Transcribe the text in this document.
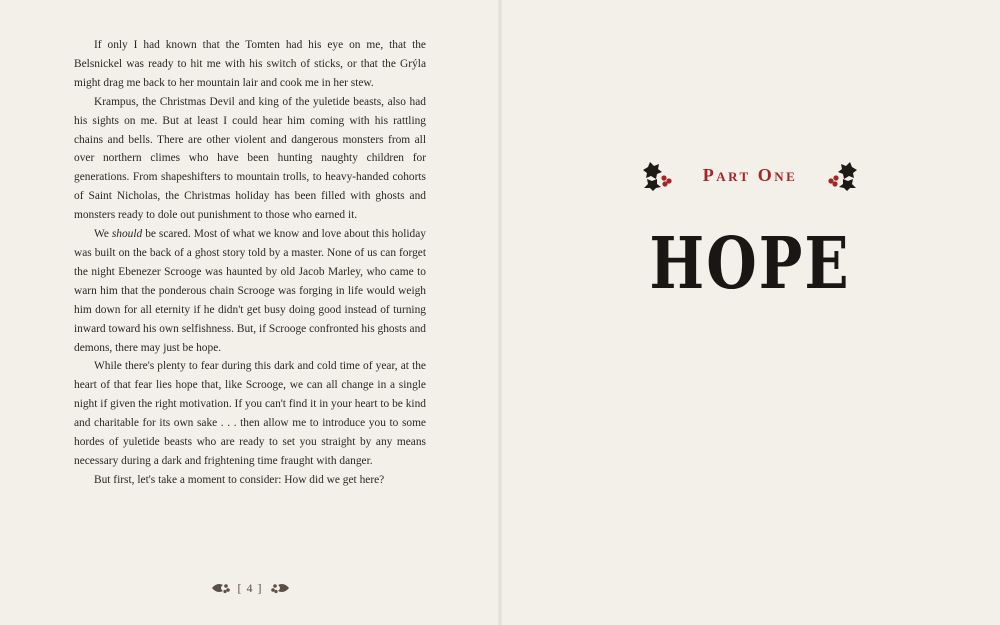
If only I had known that the Tomten had his eye on me, that the Belsnickel was ready to hit me with his switch of sticks, or that the Grýla might drag me back to her mountain lair and cook me in her stew.

Krampus, the Christmas Devil and king of the yuletide beasts, also had his sights on me. But at least I could hear him coming with his rattling chains and bells. There are other violent and dangerous monsters from all over northern climes who have been hunting naughty children for generations. From shapeshifters to mountain trolls, to heavy-handed cohorts of Saint Nicholas, the Christmas holiday has been filled with ghosts and monsters ready to dole out punishment to those who earned it.

We should be scared. Most of what we know and love about this holiday was built on the back of a ghost story told by a master. None of us can forget the night Ebenezer Scrooge was haunted by old Jacob Marley, who came to warn him that the ponderous chain Scrooge was forging in life would weigh him down for all eternity if he didn't get busy doing good instead of turning inward toward his own selfishness. But, if Scrooge confronted his ghosts and demons, there may just be hope.

While there's plenty to fear during this dark and cold time of year, at the heart of that fear lies hope that, like Scrooge, we can all change in a single night if given the right motivation. If you can't find it in your heart to be kind and charitable for its own sake . . . then allow me to introduce you to some hordes of yuletide beasts who are ready to set you straight by any means necessary during a dark and frightening time fraught with danger.

But first, let's take a moment to consider: How did we get here?

[ 4 ]
Part One
HOPE
